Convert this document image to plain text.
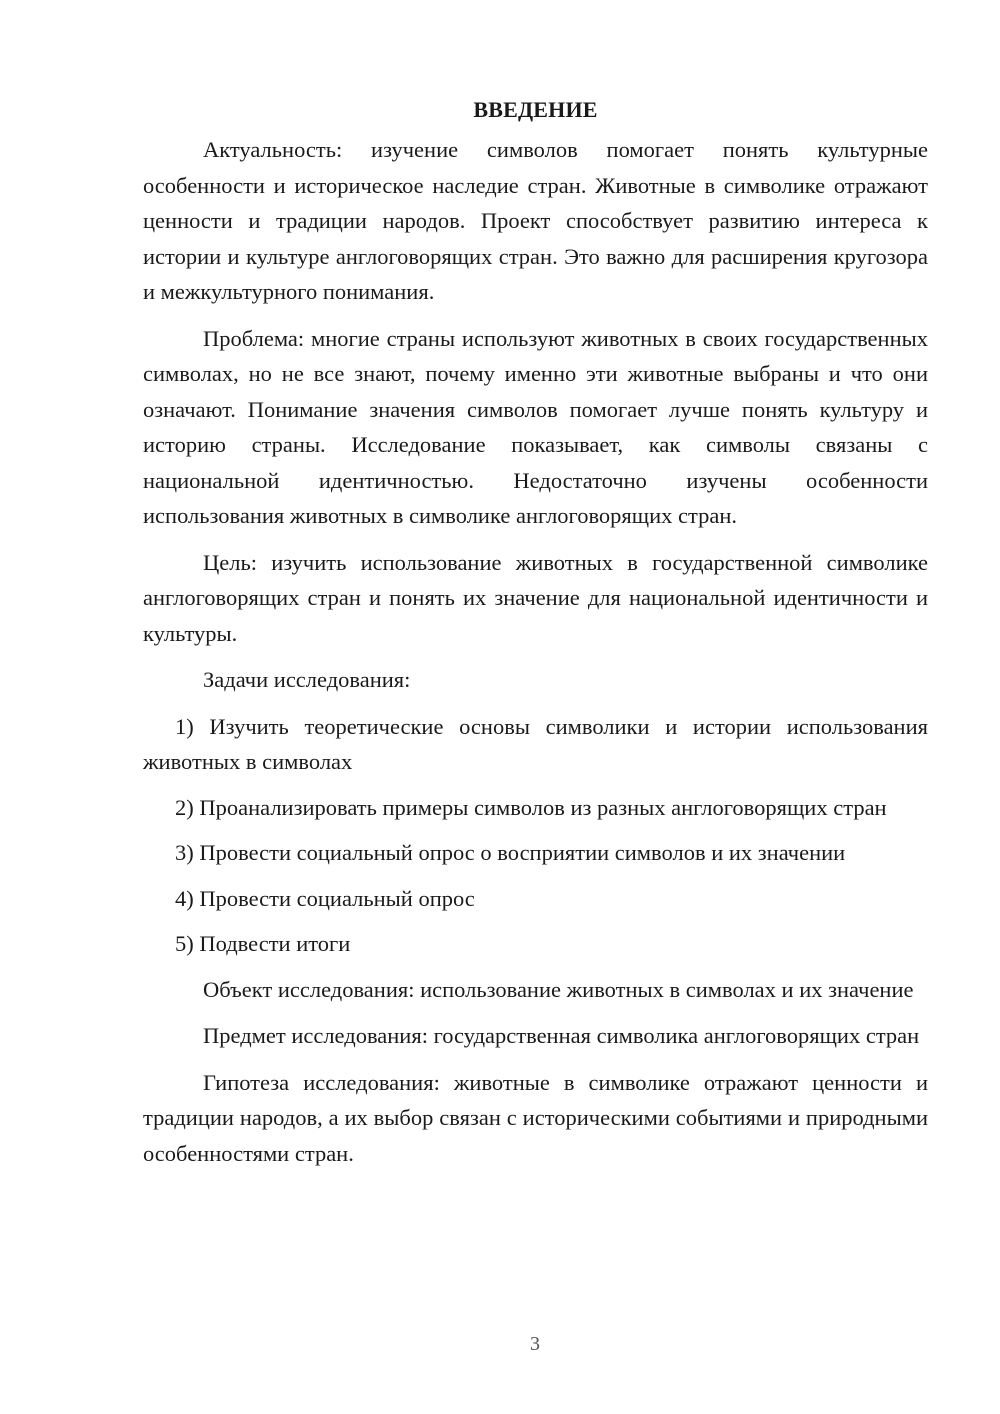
ВВЕДЕНИЕ

Актуальность: изучение символов помогает понять культурные особенности и историческое наследие стран. Животные в символике отражают ценности и традиции народов. Проект способствует развитию интереса к истории и культуре англоговорящих стран. Это важно для расширения кругозора и межкультурного понимания.

Проблема: многие страны используют животных в своих государственных символах, но не все знают, почему именно эти животные выбраны и что они означают. Понимание значения символов помогает лучше понять культуру и историю страны. Исследование показывает, как символы связаны с национальной идентичностью. Недостаточно изучены особенности использования животных в символике англоговорящих стран.

Цель: изучить использование животных в государственной символике англоговорящих стран и понять их значение для национальной идентичности и культуры.

Задачи исследования:

1) Изучить теоретические основы символики и истории использования животных в символах

2) Проанализировать примеры символов из разных англоговорящих стран

3) Провести социальный опрос о восприятии символов и их значении

4) Провести социальный опрос

5) Подвести итоги

Объект исследования: использование животных в символах и их значение

Предмет исследования: государственная символика англоговорящих стран

Гипотеза исследования: животные в символике отражают ценности и традиции народов, а их выбор связан с историческими событиями и природными особенностями стран.

3
